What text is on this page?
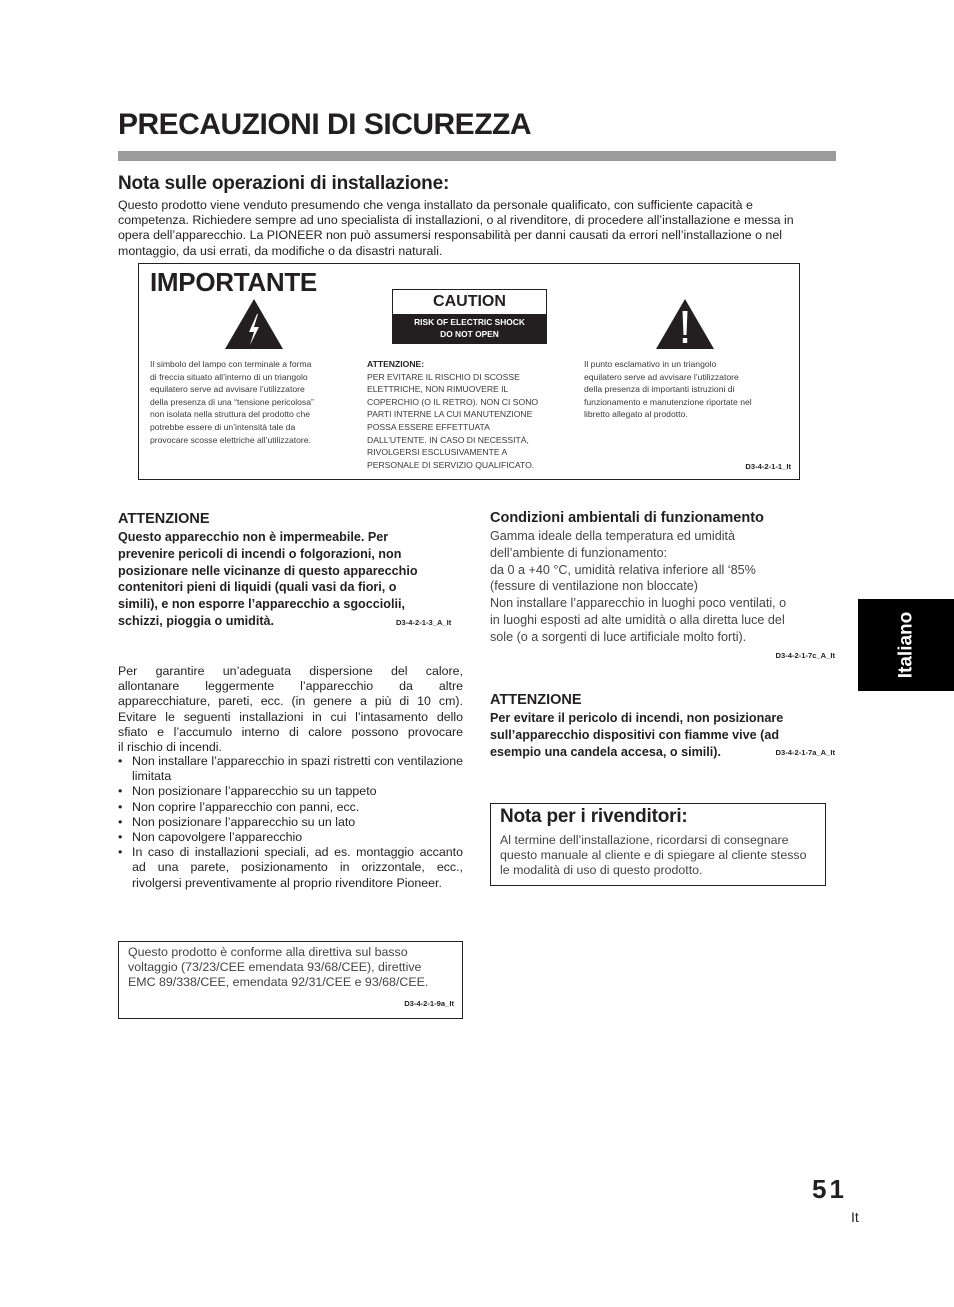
PRECAUZIONI DI SICUREZZA
Nota sulle operazioni di installazione:
Questo prodotto viene venduto presumendo che venga installato da personale qualificato, con sufficiente capacità e
competenza. Richiedere sempre ad uno specialista di installazioni, o al rivenditore, di procedere all’installazione e messa in
opera dell’apparecchio. La PIONEER non può assumersi responsabilità per danni causati da errori nell’installazione o nel
montaggio, da usi errati, da modifiche o da disastri naturali.
IMPORTANTE
CAUTION
RISK OF ELECTRIC SHOCK
DO NOT OPEN
Il simbolo del lampo con terminale a forma
di freccia situato all’interno di un triangolo
equilatero serve ad avvisare l’utilizzatore
della presenza di una “tensione pericolosa”
non isolata nella struttura del prodotto che
potrebbe essere di un’intensità tale da
provocare scosse elettriche all’utilizzatore.
ATTENZIONE:
PER EVITARE IL RISCHIO DI SCOSSE
ELETTRICHE, NON RIMUOVERE IL
COPERCHIO (O IL RETRO). NON CI SONO
PARTI INTERNE LA CUI MANUTENZIONE
POSSA ESSERE EFFETTUATA
DALL’UTENTE. IN CASO DI NECESSITÀ,
RIVOLGERSI ESCLUSIVAMENTE A
PERSONALE DI SERVIZIO QUALIFICATO.
Il punto esclamativo in un triangolo
equilatero serve ad avvisare l’utilizzatore
della presenza di importanti istruzioni di
funzionamento e manutenzione riportate nel
libretto allegato al prodotto.
D3-4-2-1-1_It
ATTENZIONE
Questo apparecchio non è impermeabile. Per
prevenire pericoli di incendi o folgorazioni, non
posizionare nelle vicinanze di questo apparecchio
contenitori pieni di liquidi (quali vasi da fiori, o
simili), e non esporre l’apparecchio a sgocciolii,
schizzi, pioggia o umidità.	D3-4-2-1-3_A_It
Per garantire un’adeguata dispersione del calore,
allontanare leggermente l’apparecchio da altre
apparecchiature, pareti, ecc. (in genere a più di 10 cm).
Evitare le seguenti installazioni in cui l’intasamento dello
sfiato e l’accumulo interno di calore possono provocare
il rischio di incendi.
• Non installare l’apparecchio in spazi ristretti con ventilazione limitata
• Non posizionare l’apparecchio su un tappeto
• Non coprire l’apparecchio con panni, ecc.
• Non posizionare l’apparecchio su un lato
• Non capovolgere l’apparecchio
• In caso di installazioni speciali, ad es. montaggio accanto ad una parete, posizionamento in orizzontale, ecc., rivolgersi preventivamente al proprio rivenditore Pioneer.
Questo prodotto è conforme alla direttiva sul basso
voltaggio (73/23/CEE emendata 93/68/CEE), direttive
EMC 89/338/CEE, emendata 92/31/CEE e 93/68/CEE.
D3-4-2-1-9a_It
Condizioni ambientali di funzionamento
Gamma ideale della temperatura ed umidità
dell’ambiente di funzionamento:
da 0 a +40 °C, umidità relativa inferiore all ‘85%
(fessure di ventilazione non bloccate)
Non installare l’apparecchio in luoghi poco ventilati, o
in luoghi esposti ad alte umidità o alla diretta luce del
sole (o a sorgenti di luce artificiale molto forti).
D3-4-2-1-7c_A_It
ATTENZIONE
Per evitare il pericolo di incendi, non posizionare
sull’apparecchio dispositivi con fiamme vive (ad
esempio una candela accesa, o simili).	D3-4-2-1-7a_A_It
Nota per i rivenditori:
Al termine dell’installazione, ricordarsi di consegnare
questo manuale al cliente e di spiegare al cliente stesso
le modalità di uso di questo prodotto.
Italiano
51
It
